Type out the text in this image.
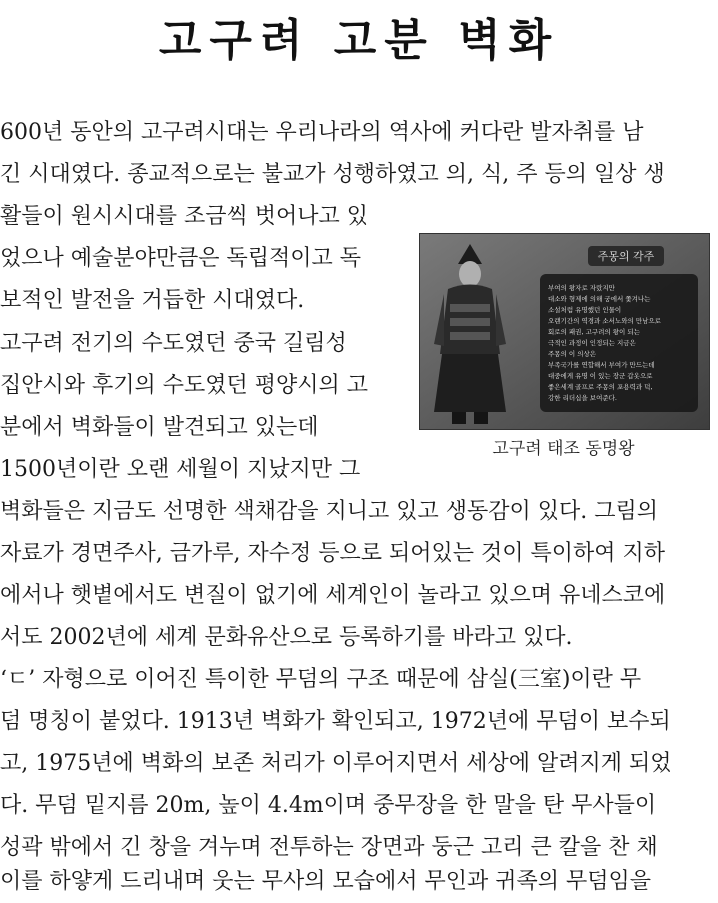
고구려 고분 벽화
600년 동안의 고구려시대는 우리나라의 역사에 커다란 발자취를 남
긴 시대였다. 종교적으로는 불교가 성행하였고 의, 식, 주 등의 일상 생
활들이 원시시대를 조금씩 벗어나고 있
었으나 예술분야만큼은 독립적이고 독
보적인 발전을 거듭한 시대였다.
고구려 전기의 수도였던 중국 길림성
집안시와 후기의 수도였던 평양시의 고
분에서 벽화들이 발견되고 있는데
1500년이란 오랜 세월이 지났지만 그
벽화들은 지금도 선명한 색채감을 지니고 있고 생동감이 있다. 그림의
자료가 경면주사, 금가루, 자수정 등으로 되어있는 것이 특이하여 지하
에서나 햇볕에서도 변질이 없기에 세계인이 놀라고 있으며 유네스코에
서도 2002년에 세계 문화유산으로 등록하기를 바라고 있다.
‘ㄷ’ 자형으로 이어진 특이한 무덤의 구조 때문에 삼실(三室)이란 무
덤 명칭이 붙었다. 1913년 벽화가 확인되고, 1972년에 무덤이 보수되
고, 1975년에 벽화의 보존 처리가 이루어지면서 세상에 알려지게 되었
다. 무덤 밑지름 20m, 높이 4.4m이며 중무장을 한 말을 탄 무사들이
성곽 밖에서 긴 창을 겨누며 전투하는 장면과 둥근 고리 큰 칼을 찬 채
이를 하얗게 드리내며 웃는 무사의 모습에서 무인과 귀족의 무덤임을
주몽의 각주
부여의 왕자로 자랐지만
대소와 형제에 의해 궁에서 쫓겨나는
소설처럼 유명했던 인물이
오랜기간의 역경과 소서노와의 만남으로
회로의 패권, 고구려의 왕이 되는
극적인 과정이 인정되는 지금은
주몽의 이 의상은
부족국가를 연합해서 부여가 만드는데
대중에게 유명 이 있는 장군 갑옷으로
좋은세계 골프로 주몽의 포용력과 덕,
강한 리더십을 보여준다.
고구려 태조 동명왕
